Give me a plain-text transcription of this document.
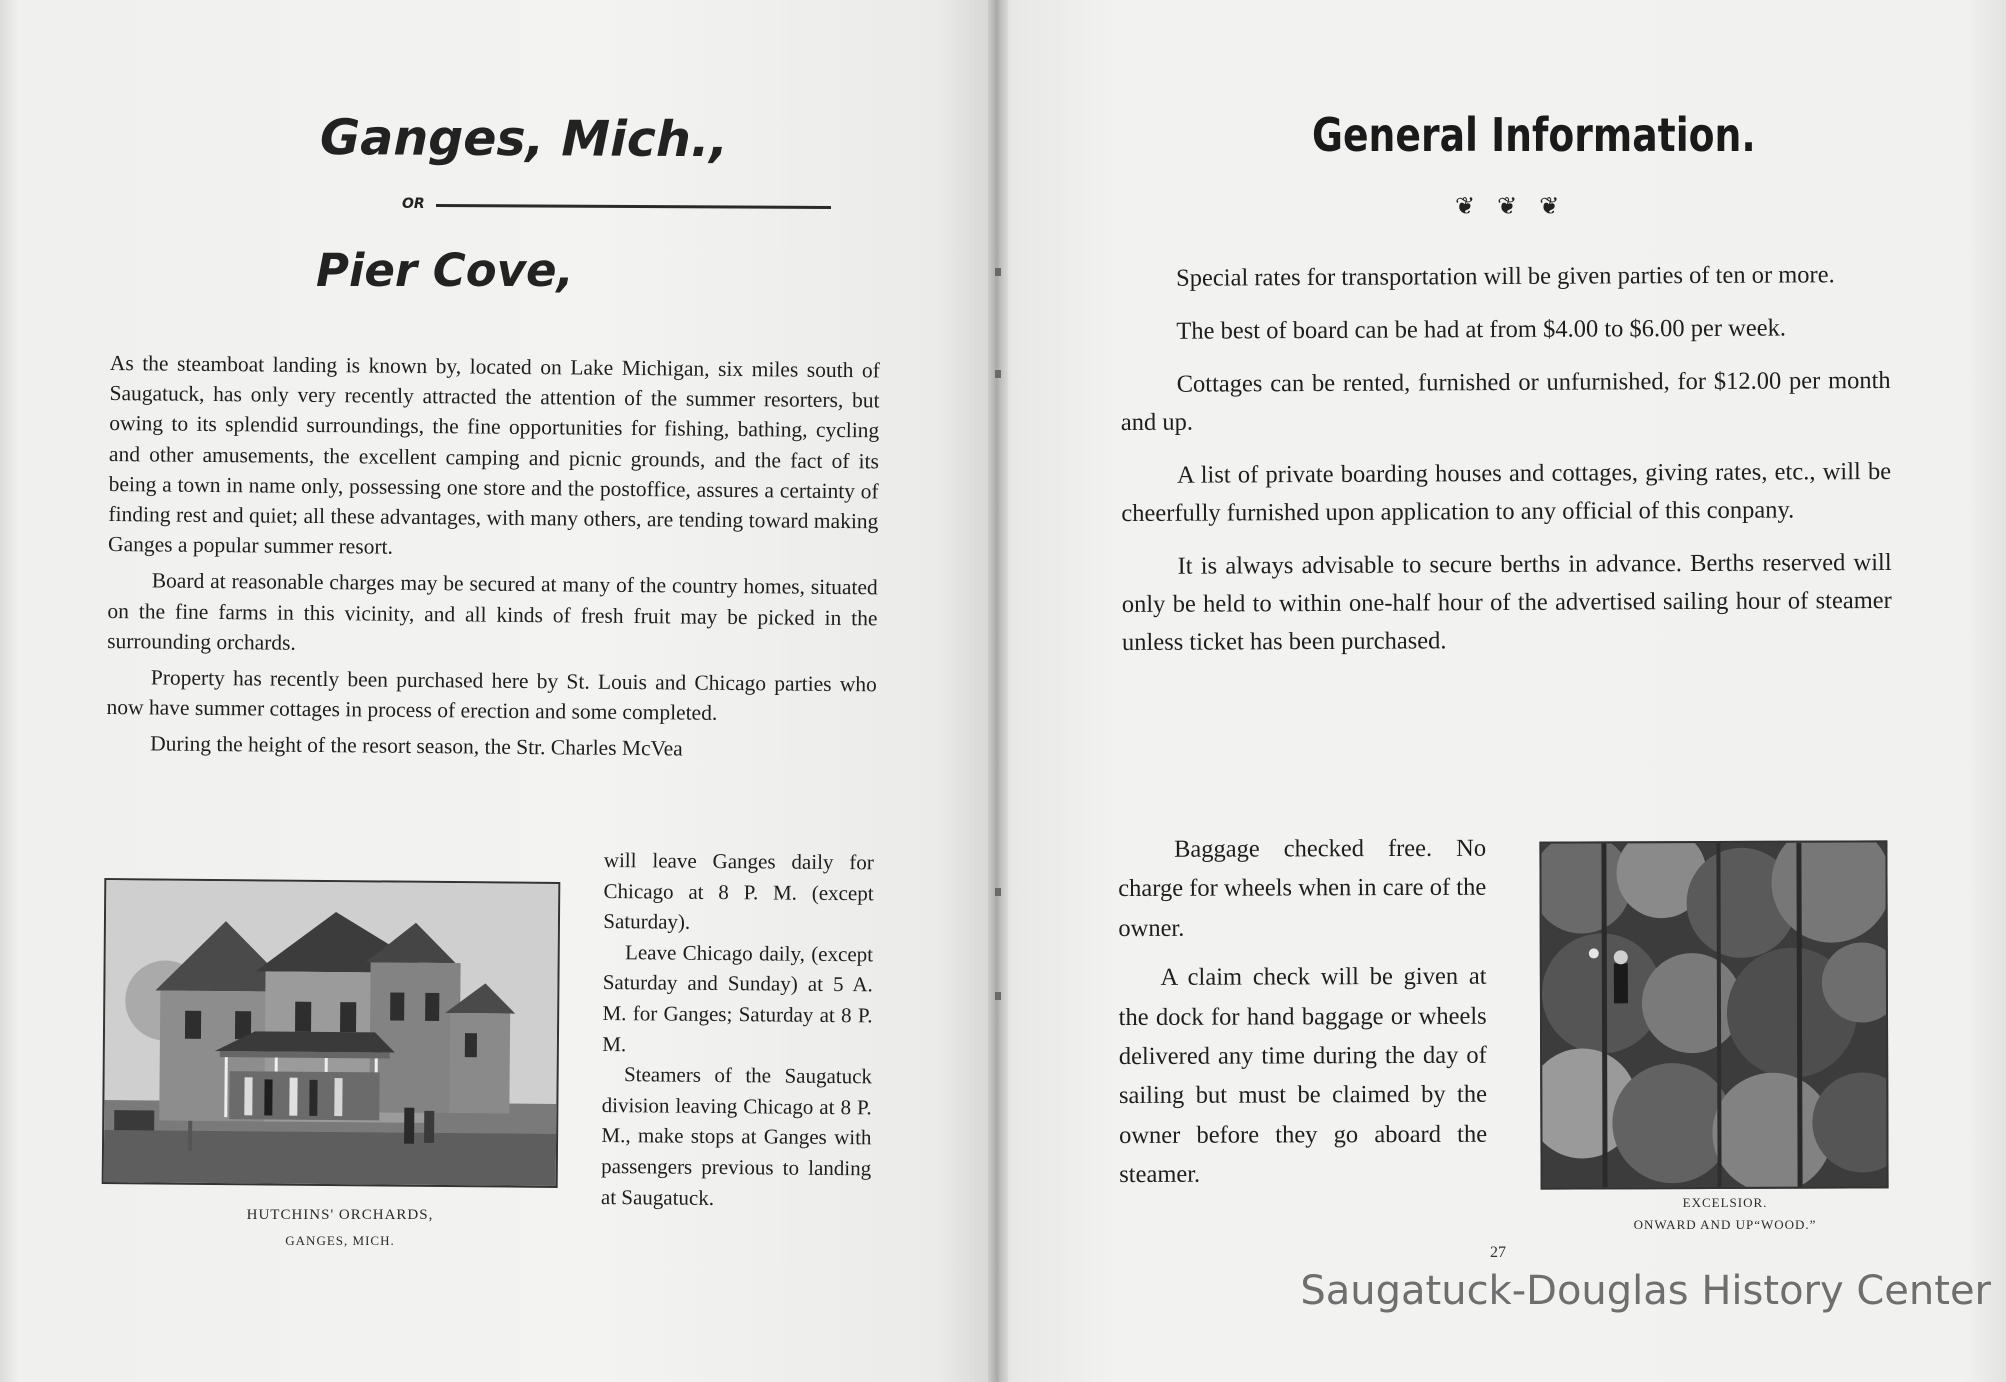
Ganges, Mich.,
OR
Pier Cove,

As the steamboat landing is known by, located on Lake Michigan, six miles south of Saugatuck, has only very recently attracted the attention of the summer resorters, but owing to its splendid surroundings, the fine opportunities for fishing, bathing, cycling and other amusements, the excellent camping and picnic grounds, and the fact of its being a town in name only, possessing one store and the postoffice, assures a certainty of finding rest and quiet; all these advantages, with many others, are tending toward making Ganges a popular summer resort.

Board at reasonable charges may be secured at many of the country homes, situated on the fine farms in this vicinity, and all kinds of fresh fruit may be picked in the surrounding orchards.

Property has recently been purchased here by St. Louis and Chicago parties who now have summer cottages in process of erection and some completed.

During the height of the resort season, the Str. Charles McVea

will leave Ganges daily for Chicago at 8 P. M. (except Saturday).

Leave Chicago daily, (except Saturday and Sunday) at 5 A. M. for Ganges; Saturday at 8 P. M.

Steamers of the Saugatuck division leaving Chicago at 8 P. M., make stops at Ganges with passengers previous to landing at Saugatuck.

HUTCHINS' ORCHARDS,
GANGES, MICH.
General Information.
❦ ❦ ❦

Special rates for transportation will be given parties of ten or more.

The best of board can be had at from $4.00 to $6.00 per week.

Cottages can be rented, furnished or unfurnished, for $12.00 per month and up.

A list of private boarding houses and cottages, giving rates, etc., will be cheerfully furnished upon application to any official of this conpany.

It is always advisable to secure berths in advance. Berths reserved will only be held to within one-half hour of the advertised sailing hour of steamer unless ticket has been purchased.

Baggage checked free. No charge for wheels when in care of the owner.

A claim check will be given at the dock for hand baggage or wheels delivered any time during the day of sailing but must be claimed by the owner before they go aboard the steamer.

EXCELSIOR.
ONWARD AND UP“WOOD.”
27
Saugatuck-Douglas History Center
